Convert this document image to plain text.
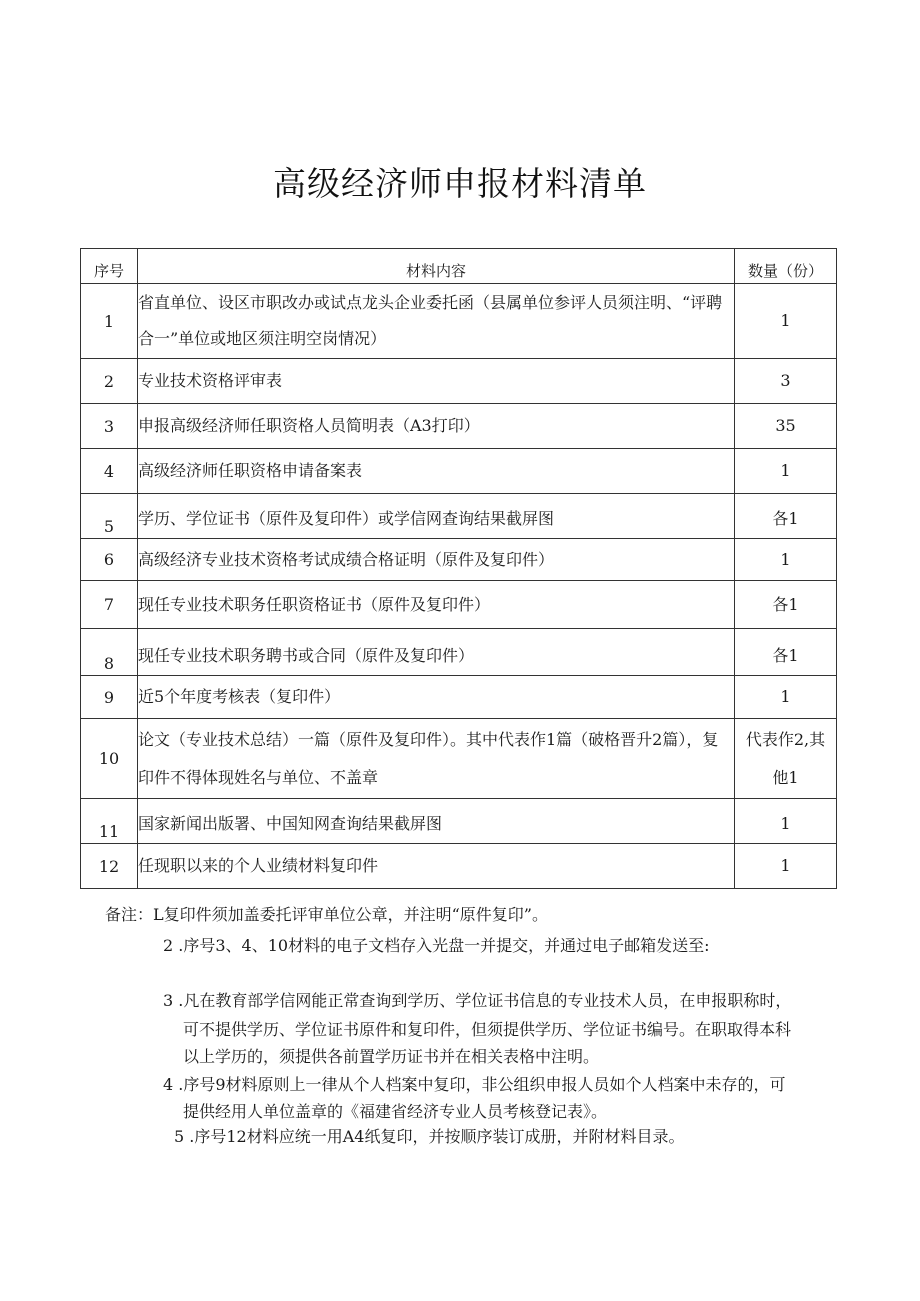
高级经济师申报材料清单
序号	材料内容	数量（份）
1	省直单位、设区市职改办或试点龙头企业委托函（县属单位参评人员须注明、“评聘合一”单位或地区须注明空岗情况）	1
2	专业技术资格评审表	3
3	申报高级经济师任职资格人员简明表（A3打印）	35
4	高级经济师任职资格申请备案表	1
5	学历、学位证书（原件及复印件）或学信网查询结果截屏图	各1
6	高级经济专业技术资格考试成绩合格证明（原件及复印件）	1
7	现任专业技术职务任职资格证书（原件及复印件）	各1
8	现任专业技术职务聘书或合同（原件及复印件）	各1
9	近5个年度考核表（复印件）	1
10	论文（专业技术总结）一篇（原件及复印件）。其中代表作1篇（破格晋升2篇），复印件不得体现姓名与单位、不盖章	代表作2,其他1
11	国家新闻出版署、中国知网查询结果截屏图	1
12	任现职以来的个人业绩材料复印件	1
备注：L复印件须加盖委托评审单位公章，并注明“原件复印”。
2 .序号3、4、10材料的电子文档存入光盘一并提交，并通过电子邮箱发送至:
3 .凡在教育部学信网能正常查询到学历、学位证书信息的专业技术人员，在申报职称时，
可不提供学历、学位证书原件和复印件，但须提供学历、学位证书编号。在职取得本科
以上学历的，须提供各前置学历证书并在相关表格中注明。
4 .序号9材料原则上一律从个人档案中复印，非公组织申报人员如个人档案中未存的，可
提供经用人单位盖章的《福建省经济专业人员考核登记表》。
5 .序号12材料应统一用A4纸复印，并按顺序装订成册，并附材料目录。
